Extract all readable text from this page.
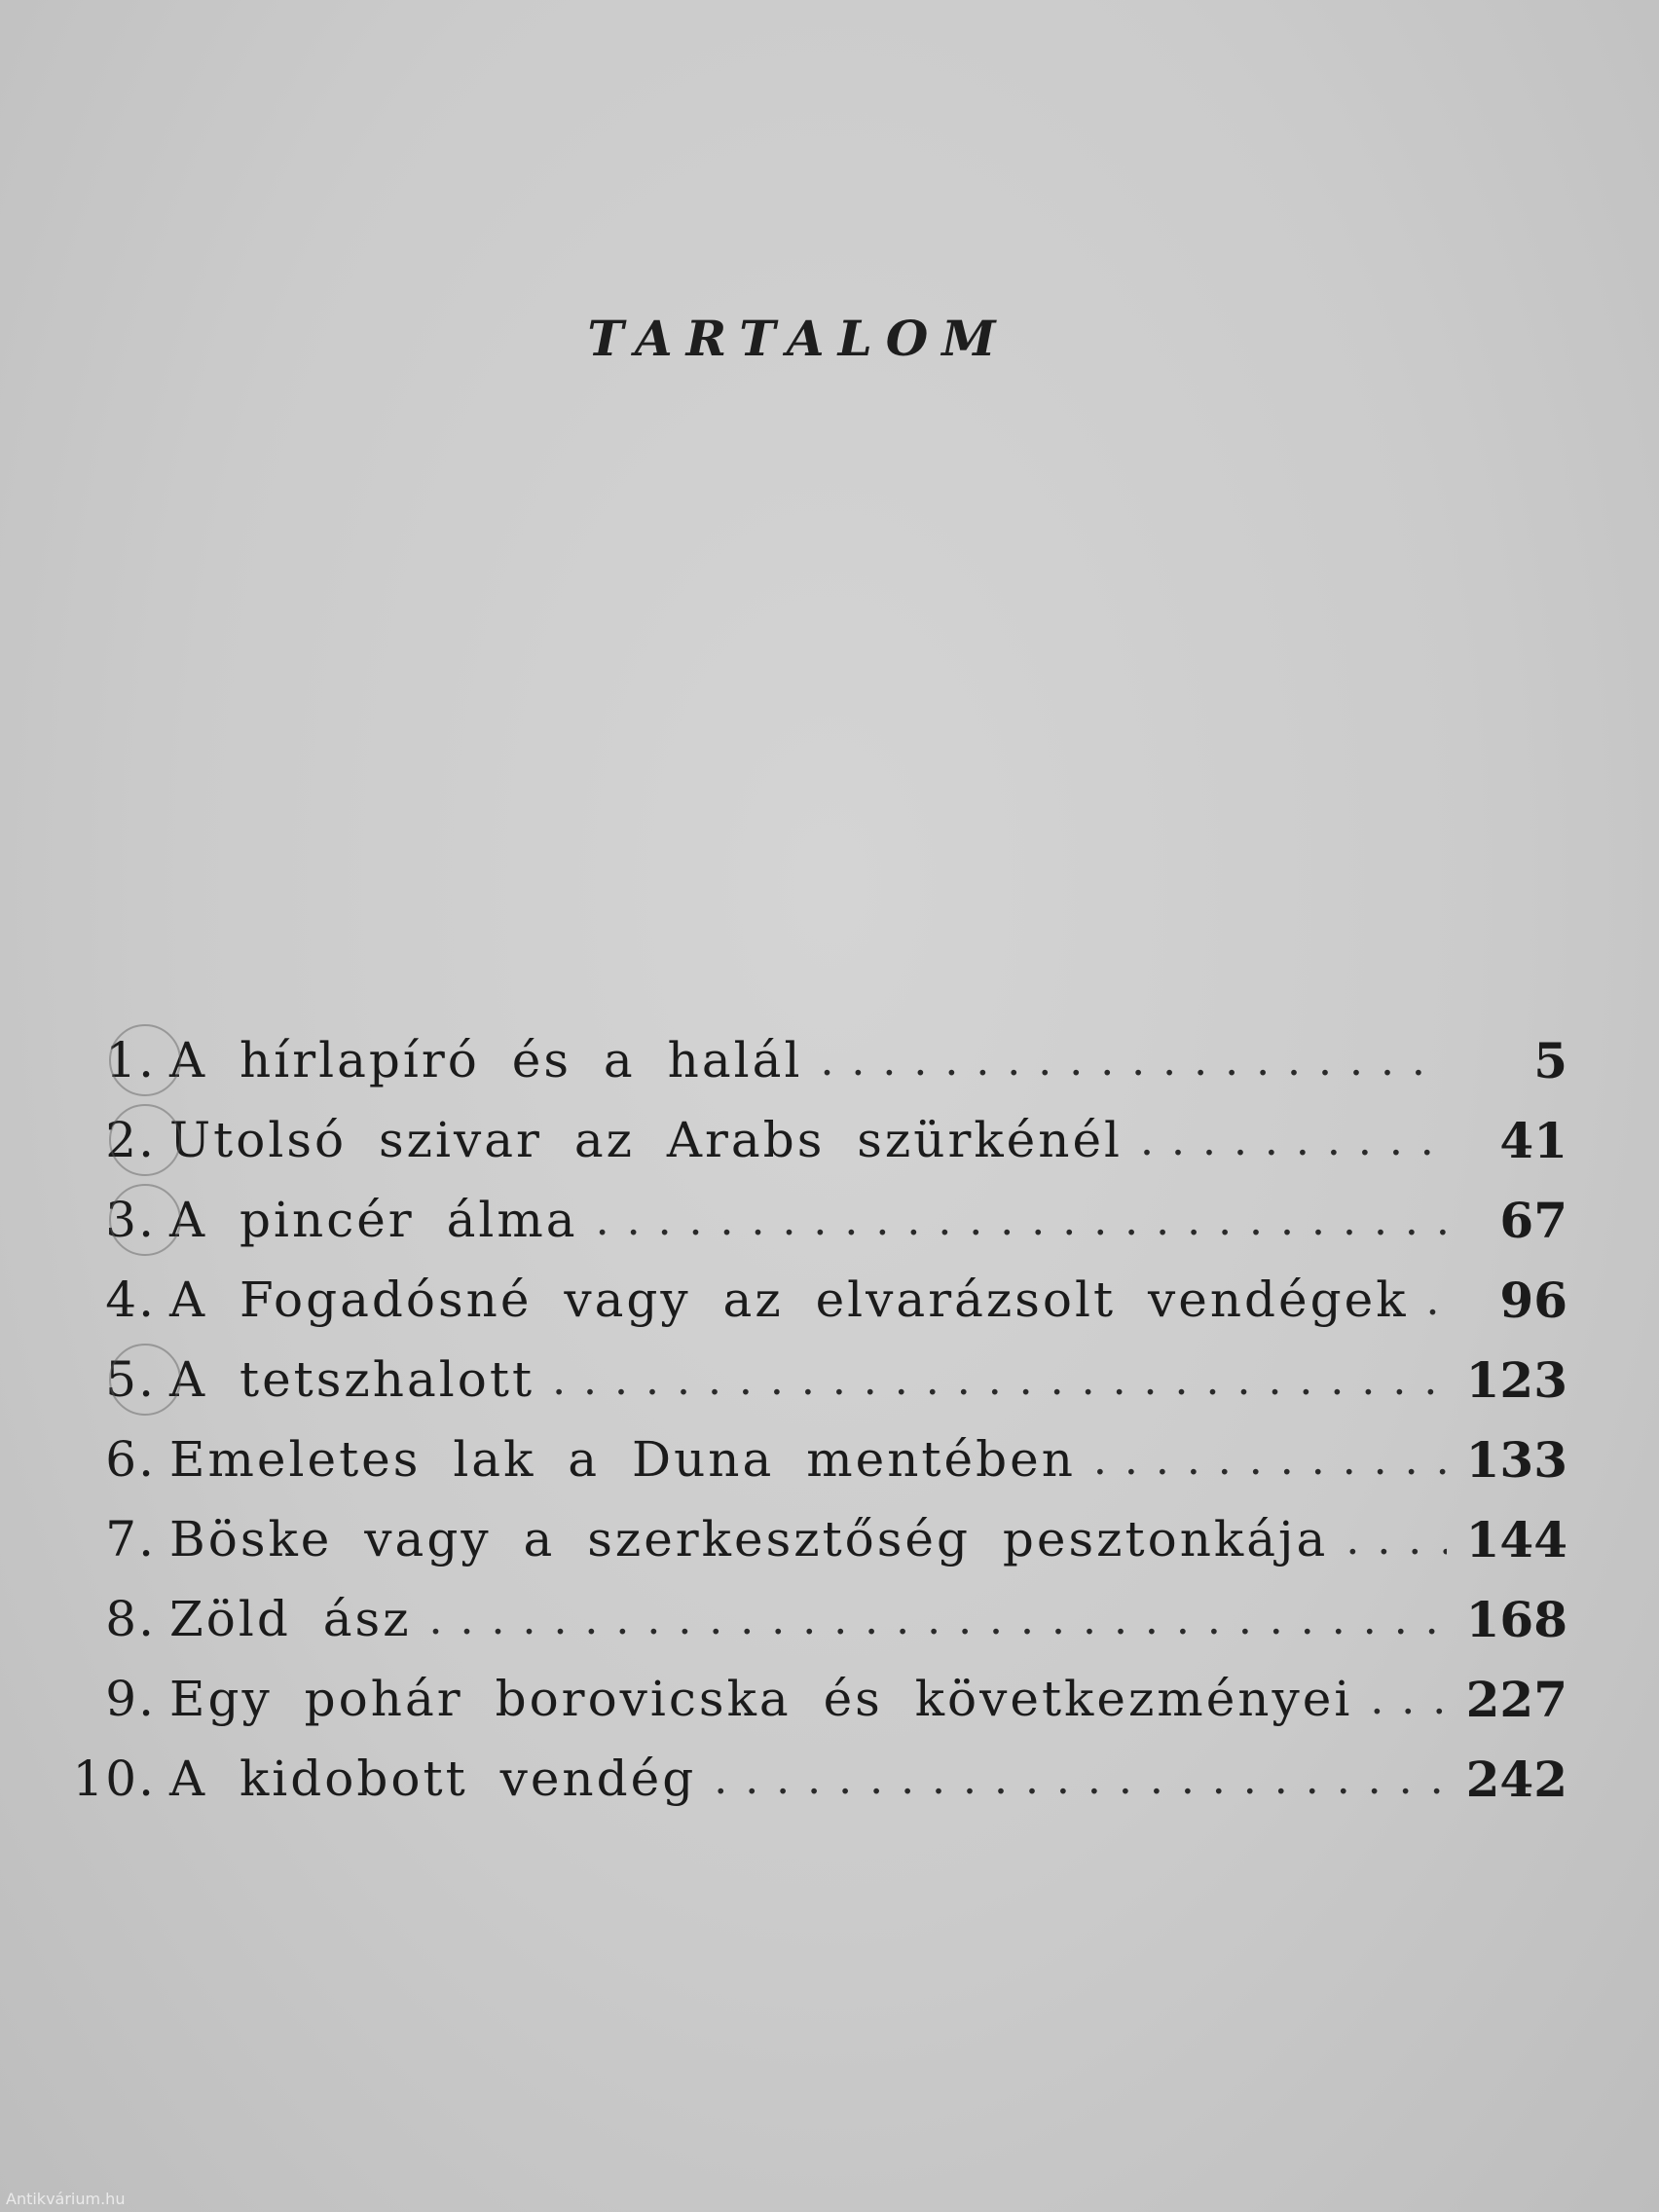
TARTALOM
1. A hírlapíró és a halál . . .	5
2. Utolsó szivar az Arabs szürkénél . . .	41
3. A pincér álma . . .	67
4. A Fogadósné vagy az elvarázsolt vendégek . . .	96
5. A tetszhalott . . .	123
6. Emeletes lak a Duna mentében . . .	133
7. Böske vagy a szerkesztőség pesztonkája . . .	144
8. Zöld ász . . .	168
9. Egy pohár borovicska és következményei . . . 227
10. A kidobott vendég . . .	242
Antikvárium.hu
